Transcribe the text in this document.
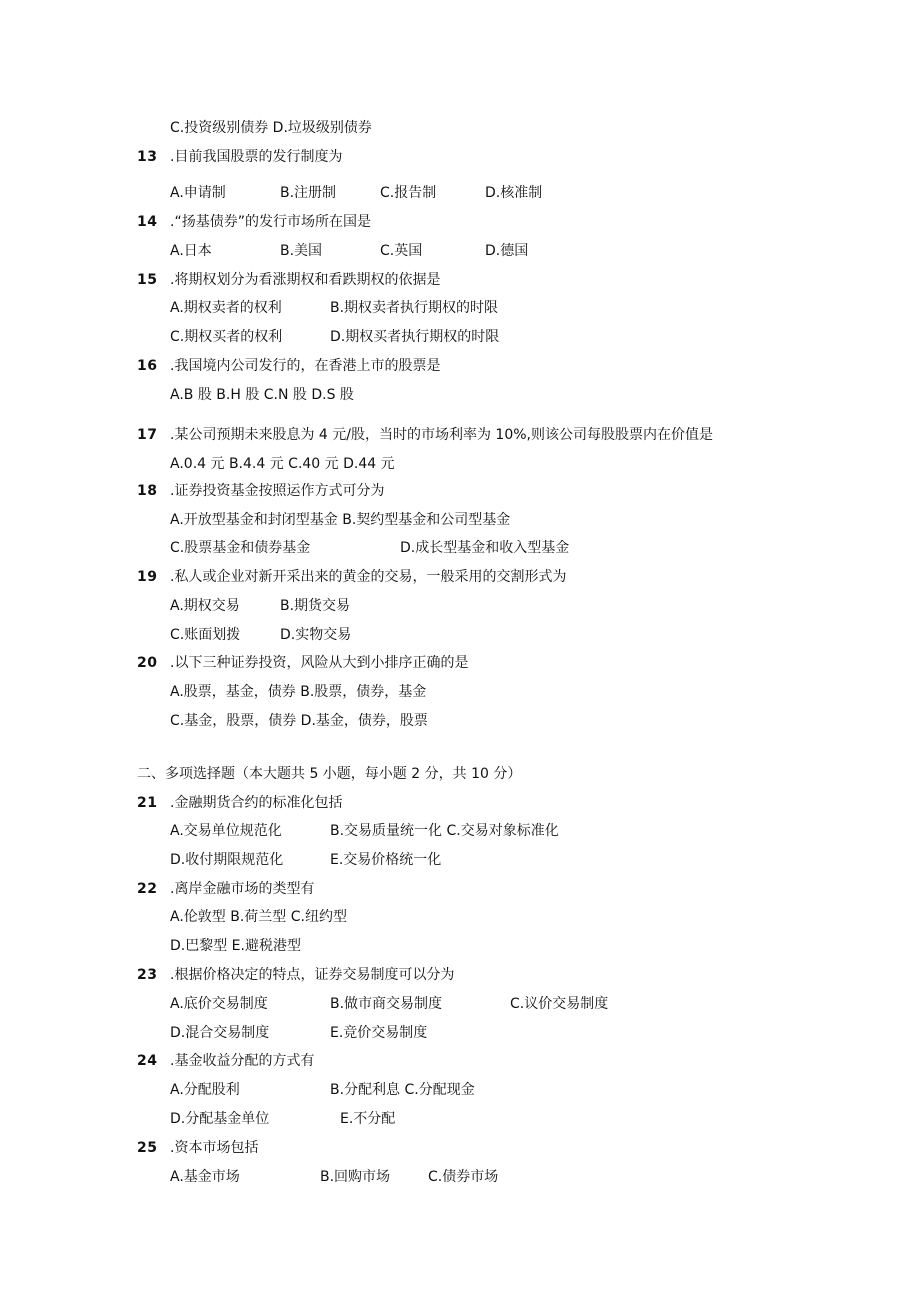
C.投资级别债券 D.垃圾级别债券
13 .目前我国股票的发行制度为
A.申请制	B.注册制	C.报告制	D.核准制
14 .“扬基债券”的发行市场所在国是
A.日本	B.美国	C.英国	D.德国
15 .将期权划分为看涨期权和看跌期权的依据是
A.期权卖者的权利	B.期权卖者执行期权的时限
C.期权买者的权利	D.期权买者执行期权的时限
16 .我国境内公司发行的，在香港上市的股票是
A.B 股 B.H 股 C.N 股 D.S 股
17 .某公司预期未来股息为 4 元/股，当时的市场利率为 10%,则该公司每股股票内在价值是
A.0.4 元 B.4.4 元 C.40 元 D.44 元
18 .证券投资基金按照运作方式可分为
A.开放型基金和封闭型基金 B.契约型基金和公司型基金
C.股票基金和债券基金	D.成长型基金和收入型基金
19 .私人或企业对新开采出来的黄金的交易，一般采用的交割形式为
A.期权交易	B.期货交易
C.账面划拨	D.实物交易
20 .以下三种证券投资，风险从大到小排序正确的是
A.股票，基金，债券 B.股票，债券，基金
C.基金，股票，债券 D.基金，债券，股票
二、多项选择题（本大题共 5 小题，每小题 2 分，共 10 分）
21 .金融期货合约的标准化包括
A.交易单位规范化	B.交易质量统一化 C.交易对象标准化
D.收付期限规范化	E.交易价格统一化
22 .离岸金融市场的类型有
A.伦敦型 B.荷兰型 C.纽约型
D.巴黎型 E.避税港型
23 .根据价格决定的特点，证券交易制度可以分为
A.底价交易制度	B.做市商交易制度	C.议价交易制度
D.混合交易制度	E.竞价交易制度
24 .基金收益分配的方式有
A.分配股利	B.分配利息 C.分配现金
D.分配基金单位	E.不分配
25 .资本市场包括
A.基金市场	B.回购市场	C.债券市场
